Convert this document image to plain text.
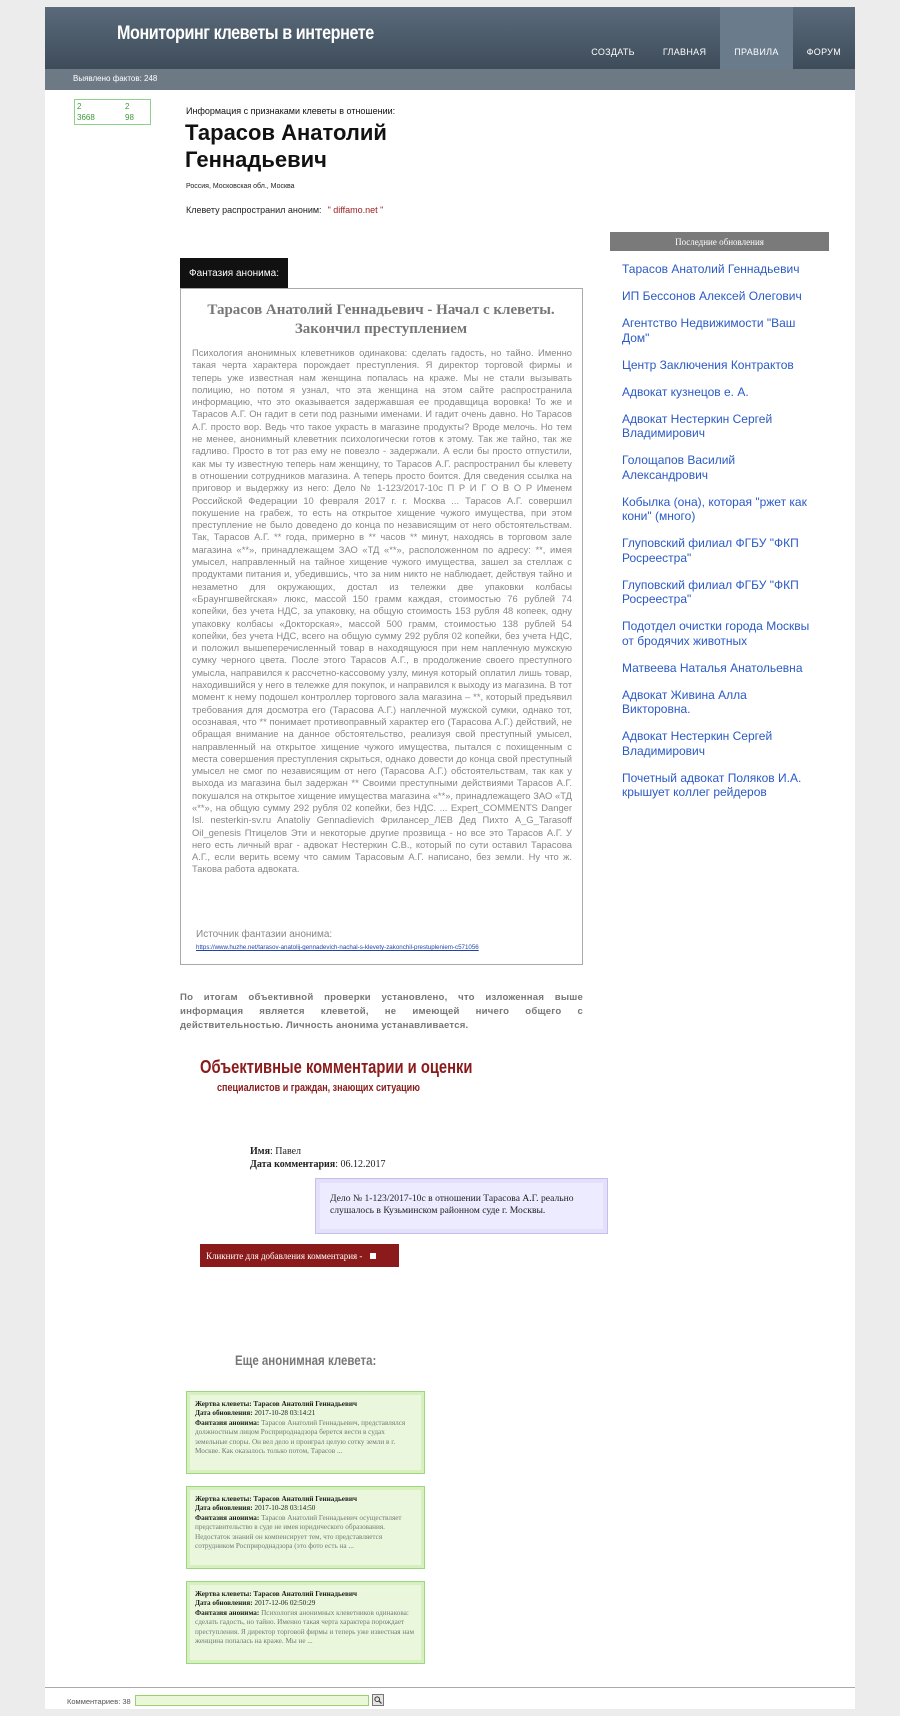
Мониторинг клеветы в интернете
СОЗДАТЬ	ГЛАВНАЯ	ПРАВИЛА	ФОРУМ
Выявлено фактов: 248
2	2
3668	98
Информация с признаками клеветы в отношении:
Тарасов Анатолий Геннадьевич
Россия, Московская обл., Москва
Клевету распространил аноним: " diffamo.net "
Фантазия анонима:
Тарасов Анатолий Геннадьевич - Начал с клеветы. Закончил преступлением
Психология анонимных клеветников одинакова: сделать гадость, но тайно. Именно такая черта характера порождает преступления. Я директор торговой фирмы и теперь уже известная нам женщина попалась на краже. Мы не стали вызывать полицию, но потом я узнал, что эта женщина на этом сайте распространила информацию, что это оказывается задержавшая ее продавщица воровка! То же и Тарасов А.Г. Он гадит в сети под разными именами. И гадит очень давно. Но Тарасов А.Г. просто вор. Ведь что такое украсть в магазине продукты? Вроде мелочь. Но тем не менее, анонимный клеветник психологически готов к этому. Так же тайно, так же гадливо. Просто в тот раз ему не повезло - задержали. А если бы просто отпустили, как мы ту известную теперь нам женщину, то Тарасов А.Г. распространил бы клевету в отношении сотрудников магазина. А теперь просто боится. Для сведения ссылка на приговор и выдержку из него: Дело № 1-123/2017-10с П Р И Г О В О Р Именем Российской Федерации 10 февраля 2017 г. г. Москва ... Тарасов А.Г. совершил покушение на грабеж, то есть на открытое хищение чужого имущества, при этом преступление не было доведено до конца по независящим от него обстоятельствам. Так, Тарасов А.Г. ** года, примерно в ** часов ** минут, находясь в торговом зале магазина «**», принадлежащем ЗАО «ТД «**», расположенном по адресу: **, имея умысел, направленный на тайное хищение чужого имущества, зашел за стеллаж с продуктами питания и, убедившись, что за ним никто не наблюдает, действуя тайно и незаметно для окружающих, достал из тележки две упаковки колбасы «Браунгшвейгская» люкс, массой 150 грамм каждая, стоимостью 76 рублей 74 копейки, без учета НДС, за упаковку, на общую стоимость 153 рубля 48 копеек, одну упаковку колбасы «Докторская», массой 500 грамм, стоимостью 138 рублей 54 копейки, без учета НДС, всего на общую сумму 292 рубля 02 копейки, без учета НДС, и положил вышеперечисленный товар в находящуюся при нем наплечную мужскую сумку черного цвета. После этого Тарасов А.Г., в продолжение своего преступного умысла, направился к рассчетно-кассовому узлу, минуя который оплатил лишь товар, находившийся у него в тележке для покупок, и направился к выходу из магазина. В тот момент к нему подошел контроллер торгового зала магазина – **, который предъявил требования для досмотра его (Тарасова А.Г.) наплечной мужской сумки, однако тот, осознавая, что ** понимает противоправный характер его (Тарасова А.Г.) действий, не обращая внимание на данное обстоятельство, реализуя свой преступный умысел, направленный на открытое хищение чужого имущества, пытался с похищенным с места совершения преступления скрыться, однако довести до конца свой преступный умысел не смог по независящим от него (Тарасова А.Г.) обстоятельствам, так как у выхода из магазина был задержан ** Своими преступными действиями Тарасов А.Г. покушался на открытое хищение имущества магазина «**», принадлежащего ЗАО «ТД «**», на общую сумму 292 рубля 02 копейки, без НДС. ... Expert_COMMENTS Danger Isl. nesterkin-sv.ru Anatoliy Gennadievich Фрилансер_ЛЕВ Дед Пихто A_G_Tarasoff Oil_genesis Птицелов Эти и некоторые другие прозвища - но все это Тарасов А.Г. У него есть личный враг - адвокат Нестеркин С.В., который по сути оставил Тарасова А.Г., если верить всему что самим Тарасовым А.Г. написано, без земли. Ну что ж. Такова работа адвоката.
Источник фантазии анонима:
https://www.huzhe.net/tarasov-anatolij-gennadevich-nachal-s-klevety-zakonchil-prestupleniem-c571056
По итогам объективной проверки установлено, что изложенная выше информация является клеветой, не имеющей ничего общего с действительностью. Личность анонима устанавливается.
Объективные комментарии и оценки
специалистов и граждан, знающих ситуацию
Имя: Павел
Дата комментария: 06.12.2017
Дело № 1-123/2017-10с в отношении Тарасова А.Г. реально слушалось в Кузьминском районном суде г. Москвы.
Кликните для добавления комментария -
Еще анонимная клевета:
Жертва клеветы: Тарасов Анатолий Геннадьевич
Дата обновления: 2017-10-28 03:14:21
Фантазия анонима: Тарасов Анатолий Геннадьевич, представлялся должностным лицом Росприроднадзора берется вести в судах земельные споры. Он вел дело и проиграл целую сотку земли в г. Москве. Как оказалось только потом, Тарасов ...
Жертва клеветы: Тарасов Анатолий Геннадьевич
Дата обновления: 2017-10-28 03:14:50
Фантазия анонима: Тарасов Анатолий Геннадьевич осуществляет представительство в суде не имея юридического образования. Недостаток знаний он компенсирует тем, что представляется сотрудником Росприроднадзора (это фото есть на ...
Жертва клеветы: Тарасов Анатолий Геннадьевич
Дата обновления: 2017-12-06 02:50:29
Фантазия анонима: Психология анонимных клеветников одинакова: сделать гадость, но тайно. Именно такая черта характера порождает преступления. Я директор торговой фирмы и теперь уже известная нам женщина попалась на краже. Мы не ...
Последние обновления
Тарасов Анатолий Геннадьевич
ИП Бессонов Алексей Олегович
Агентство Недвижимости "Ваш Дом"
Центр Заключения Контрактов
Адвокат кузнецов е. А.
Адвокат Нестеркин Сергей Владимирович
Голощапов Василий Александрович
Кобылка (она), которая "ржет как кони" (много)
Глуповский филиал ФГБУ "ФКП Росреестра"
Глуповский филиал ФГБУ "ФКП Росреестра"
Подотдел очистки города Москвы от бродячих животных
Матвеева Наталья Анатольевна
Адвокат Живина Алла Викторовна.
Адвокат Нестеркин Сергей Владимирович
Почетный адвокат Поляков И.А. крышует коллег рейдеров
Комментариев: 38
